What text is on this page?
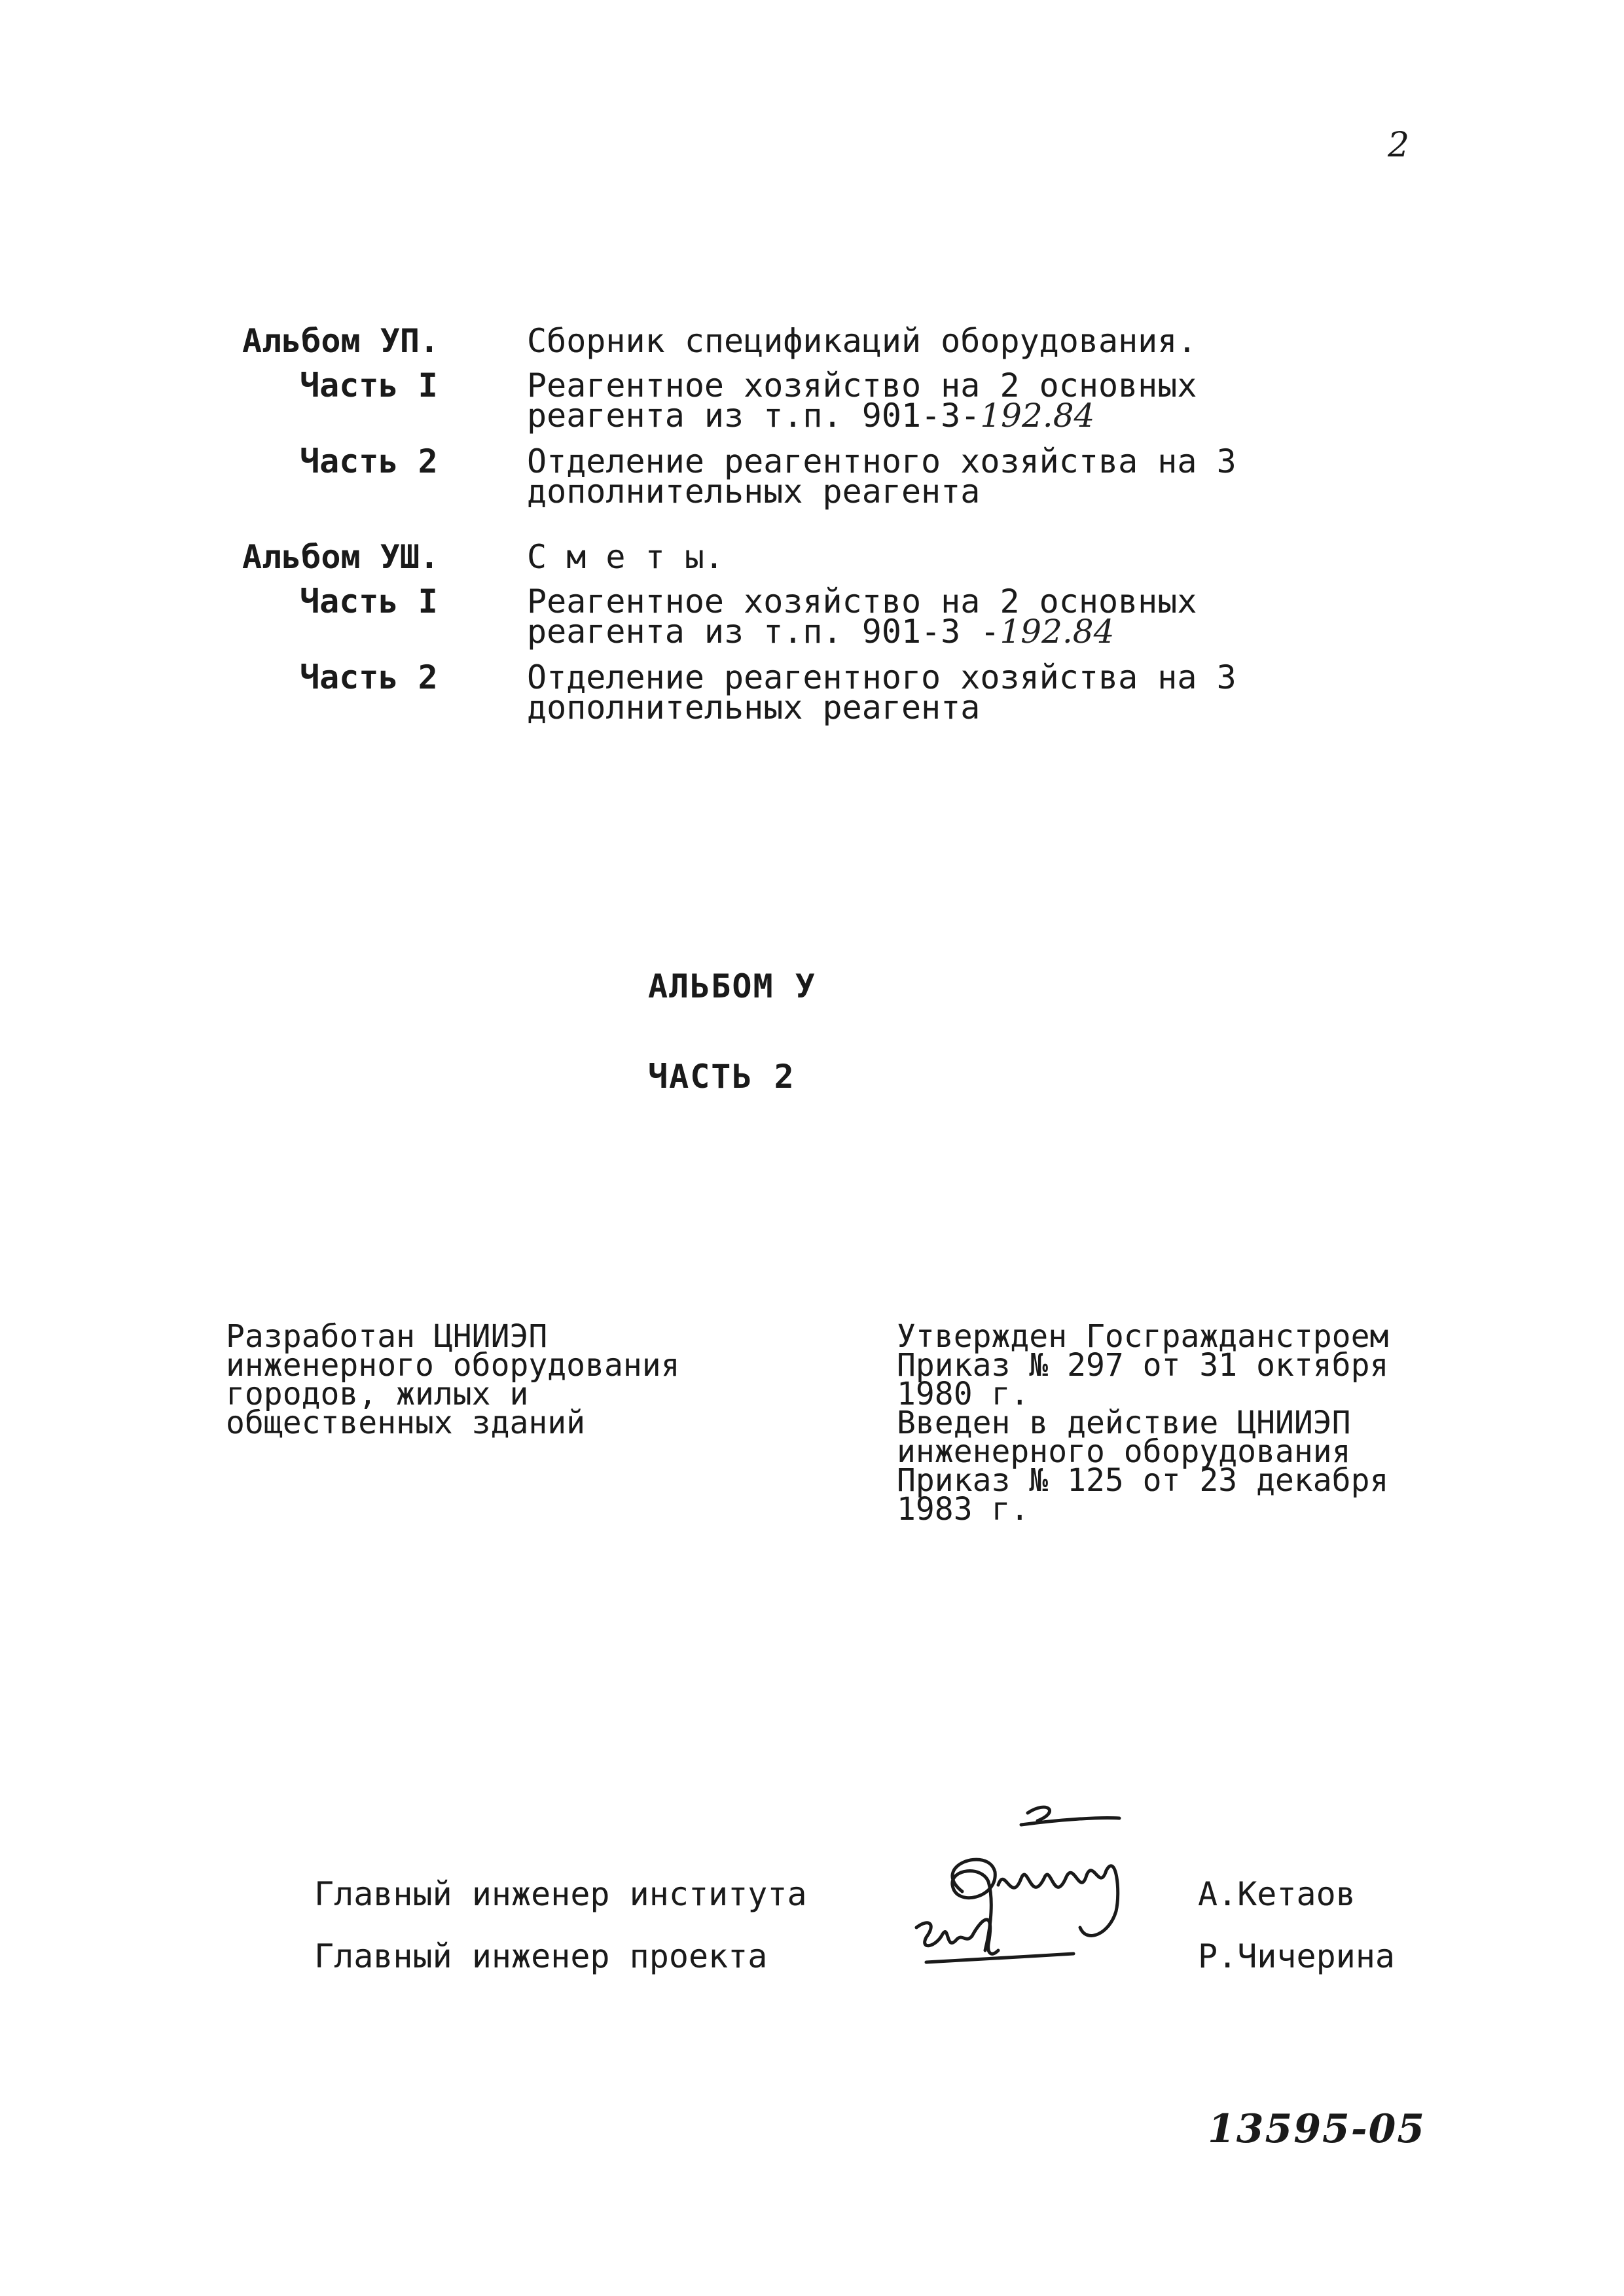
2
Альбом УП.	Сборник спецификаций оборудования.
Часть I	Реагентное хозяйство на 2 основных
реагента из т.п. 901-3-192.84
Часть 2	Отделение реагентного хозяйства на 3
дополнительных реагента
Альбом УШ.	С м е т ы.
Часть I	Реагентное хозяйство на 2 основных
реагента из т.п. 901-3 -192.84
Часть 2	Отделение реагентного хозяйства на 3
дополнительных реагента
АЛЬБОМ У
ЧАСТЬ 2
Разработан ЦНИИЭП
инженерного оборудования
городов, жилых и
общественных зданий
Утвержден Госгражданстроем
Приказ № 297 от 31 октября
1980 г.
Введен в действие ЦНИИЭП
инженерного оборудования
Приказ № 125 от 23 декабря
1983 г.
Главный инженер института	А.Кетаов
Главный инженер проекта	Р.Чичерина
13595-05
